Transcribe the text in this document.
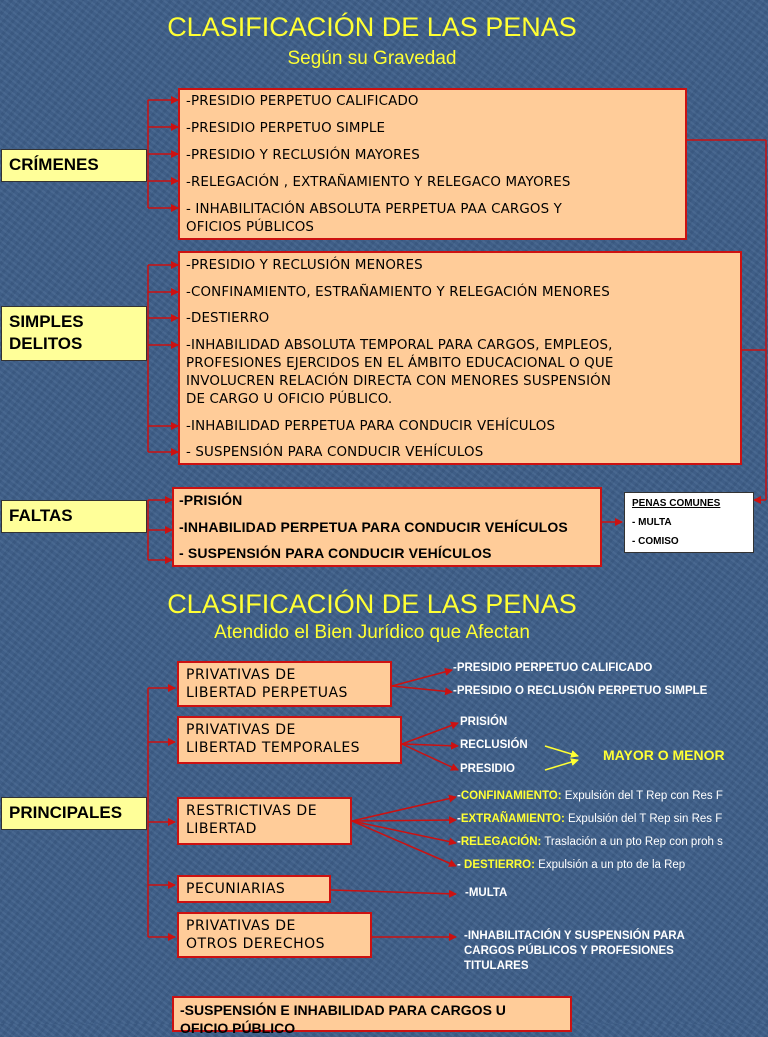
CLASIFICACIÓN DE LAS PENAS
Según su Gravedad
CRÍMENES
-PRESIDIO PERPETUO CALIFICADO
-PRESIDIO PERPETUO SIMPLE
-PRESIDIO Y RECLUSIÓN MAYORES
-RELEGACIÓN , EXTRAÑAMIENTO Y RELEGACO MAYORES
- INHABILITACIÓN ABSOLUTA PERPETUA PAA CARGOS Y
OFICIOS PÚBLICOS
SIMPLES
DELITOS
-PRESIDIO Y RECLUSIÓN MENORES
-CONFINAMIENTO, ESTRAÑAMIENTO Y RELEGACIÓN MENORES
-DESTIERRO
-INHABILIDAD ABSOLUTA TEMPORAL PARA CARGOS, EMPLEOS,
PROFESIONES EJERCIDOS EN EL ÁMBITO EDUCACIONAL O QUE
INVOLUCREN RELACIÓN DIRECTA CON MENORES SUSPENSIÓN
DE CARGO U OFICIO PÚBLICO.
-INHABILIDAD PERPETUA PARA CONDUCIR VEHÍCULOS
- SUSPENSIÓN PARA CONDUCIR VEHÍCULOS
FALTAS
-PRISIÓN
-INHABILIDAD PERPETUA PARA CONDUCIR VEHÍCULOS
- SUSPENSIÓN PARA CONDUCIR VEHÍCULOS
PENAS COMUNES
- MULTA
- COMISO
CLASIFICACIÓN DE LAS PENAS
Atendido el Bien Jurídico que Afectan
PRINCIPALES
PRIVATIVAS DE
LIBERTAD PERPETUAS
-PRESIDIO PERPETUO CALIFICADO
-PRESIDIO O RECLUSIÓN PERPETUO SIMPLE
PRIVATIVAS DE
LIBERTAD TEMPORALES
PRISIÓN
RECLUSIÓN
PRESIDIO
MAYOR O MENOR
RESTRICTIVAS DE
LIBERTAD
-CONFINAMIENTO: Expulsión del T Rep con Res F
-EXTRAÑAMIENTO: Expulsión del T Rep sin Res F
-RELEGACIÓN: Traslación a un pto Rep con proh s
- DESTIERRO: Expulsión a un pto de la Rep
PECUNIARIAS	-MULTA
PRIVATIVAS DE
OTROS DERECHOS	-INHABILITACIÓN Y SUSPENSIÓN PARA
CARGOS PÚBLICOS Y PROFESIONES
TITULARES
-SUSPENSIÓN E INHABILIDAD PARA CARGOS U
OFICIO PÚBLICO
